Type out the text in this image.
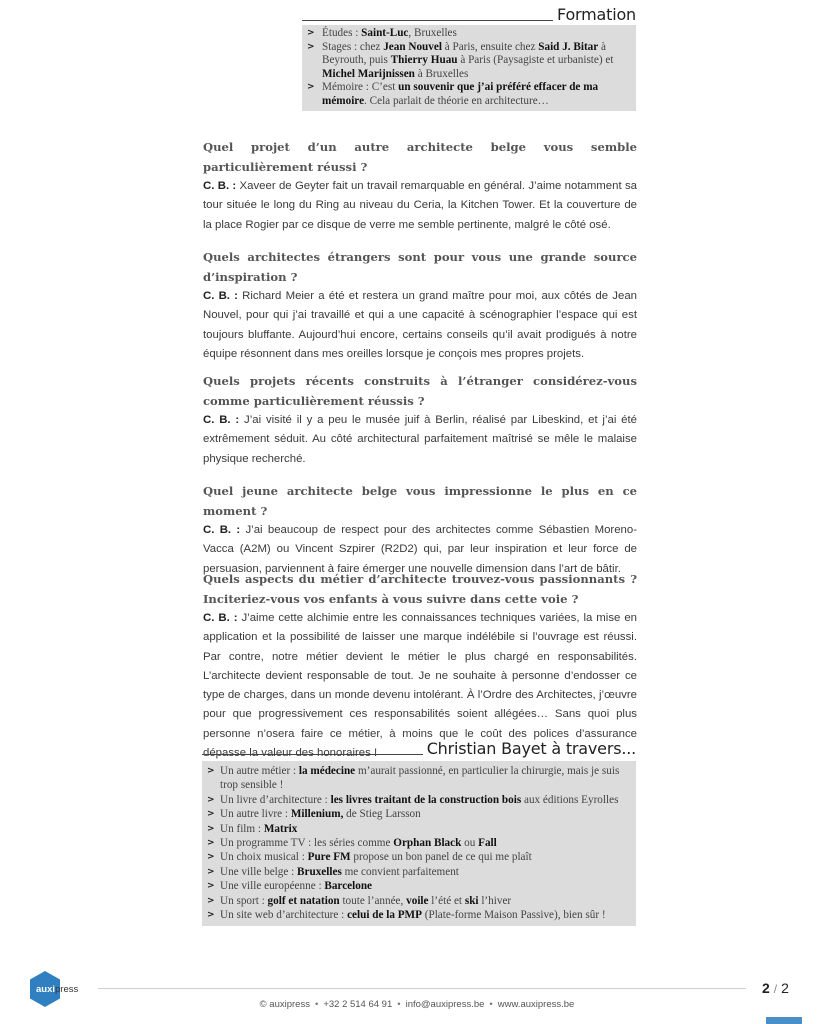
Formation
> Études : Saint-Luc, Bruxelles
> Stages : chez Jean Nouvel à Paris, ensuite chez Said J. Bitar à Beyrouth, puis Thierry Huau à Paris (Paysagiste et urbaniste) et Michel Marijnissen à Bruxelles
> Mémoire : C’est un souvenir que j’ai préféré effacer de ma mémoire. Cela parlait de théorie en architecture…

Quel projet d’un autre architecte belge vous semble particulièrement réussi ?

C. B. : Xaveer de Geyter fait un travail remarquable en général. J’aime notamment sa tour située le long du Ring au niveau du Ceria, la Kitchen Tower. Et la couverture de la place Rogier par ce disque de verre me semble pertinente, malgré le côté osé.

Quels architectes étrangers sont pour vous une grande source d’inspiration ?

C. B. : Richard Meier a été et restera un grand maître pour moi, aux côtés de Jean Nouvel, pour qui j’ai travaillé et qui a une capacité à scénographier l’espace qui est toujours bluffante. Aujourd’hui encore, certains conseils qu’il avait prodigués à notre équipe résonnent dans mes oreilles lorsque je conçois mes propres projets.

Quels projets récents construits à l’étranger considérez-vous comme particulièrement réussis ?

C. B. : J’ai visité il y a peu le musée juif à Berlin, réalisé par Libeskind, et j’ai été extrêmement séduit. Au côté architectural parfaitement maîtrisé se mêle le malaise physique recherché.

Quel jeune architecte belge vous impressionne le plus en ce moment ?

C. B. : J’ai beaucoup de respect pour des architectes comme Sébastien Moreno-Vacca (A2M) ou Vincent Szpirer (R2D2) qui, par leur inspiration et leur force de persuasion, parviennent à faire émerger une nouvelle dimension dans l’art de bâtir.

Quels aspects du métier d’architecte trouvez-vous passionnants ? Inciteriez-vous vos enfants à vous suivre dans cette voie ?

C. B. : J’aime cette alchimie entre les connaissances techniques variées, la mise en application et la possibilité de laisser une marque indélébile si l’ouvrage est réussi. Par contre, notre métier devient le métier le plus chargé en responsabilités. L’architecte devient responsable de tout. Je ne souhaite à personne d’endosser ce type de charges, dans un monde devenu intolérant. À l’Ordre des Architectes, j’œuvre pour que progressivement ces responsabilités soient allégées… Sans quoi plus personne n’osera faire ce métier, à moins que le coût des polices d’assurance dépasse la valeur des honoraires !	Christian Bayet à travers...
> Un autre métier : la médecine m’aurait passionné, en particulier la chirurgie, mais je suis trop sensible !
> Un livre d’architecture : les livres traitant de la construction bois aux éditions Eyrolles
> Un autre livre : Millenium, de Stieg Larsson
> Un film : Matrix
> Un programme TV : les séries comme Orphan Black ou Fall
> Un choix musical : Pure FM propose un bon panel de ce qui me plaît
> Une ville belge : Bruxelles me convient parfaitement
> Une ville européenne : Barcelone
> Un sport : golf et natation toute l’année, voile l’été et ski l’hiver
> Un site web d’architecture : celui de la PMP (Plate-forme Maison Passive), bien sûr !
auxipress	2 / 2
© auxipress • +32 2 514 64 91 • info@auxipress.be • www.auxipress.be
